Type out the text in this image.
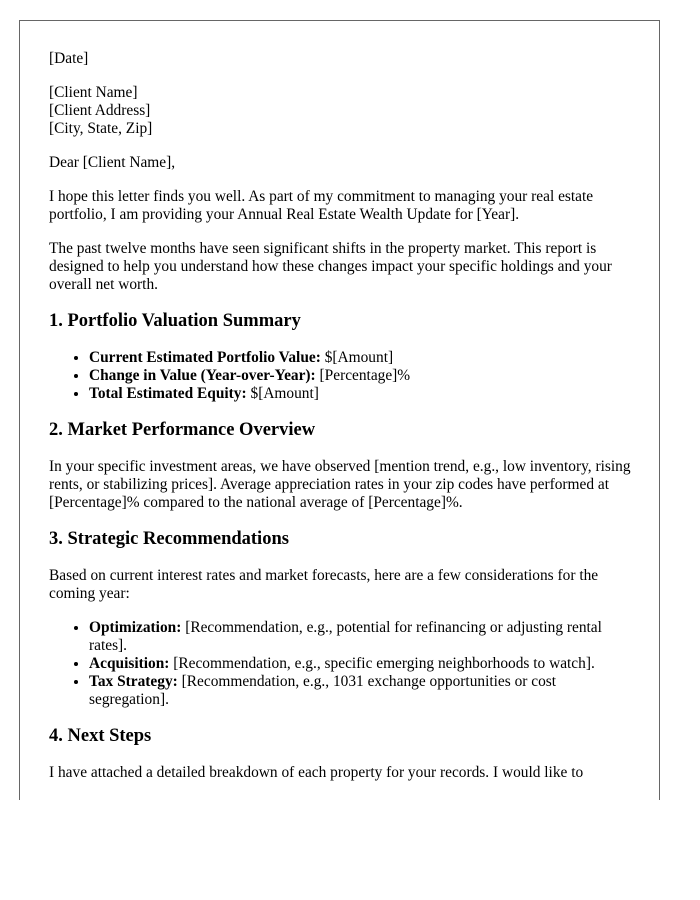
[Date]

[Client Name]
[Client Address]
[City, State, Zip]

Dear [Client Name],

I hope this letter finds you well. As part of my commitment to managing your real estate portfolio, I am providing your Annual Real Estate Wealth Update for [Year].

The past twelve months have seen significant shifts in the property market. This report is designed to help you understand how these changes impact your specific holdings and your overall net worth.

1. Portfolio Valuation Summary
• Current Estimated Portfolio Value: $[Amount]
• Change in Value (Year-over-Year): [Percentage]%
• Total Estimated Equity: $[Amount]
2. Market Performance Overview

In your specific investment areas, we have observed [mention trend, e.g., low inventory, rising rents, or stabilizing prices]. Average appreciation rates in your zip codes have performed at [Percentage]% compared to the national average of [Percentage]%.

3. Strategic Recommendations

Based on current interest rates and market forecasts, here are a few considerations for the coming year:

• Optimization: [Recommendation, e.g., potential for refinancing or adjusting rental rates].
• Acquisition: [Recommendation, e.g., specific emerging neighborhoods to watch].
• Tax Strategy: [Recommendation, e.g., 1031 exchange opportunities or cost segregation].
4. Next Steps

I have attached a detailed breakdown of each property for your records. I would like to
